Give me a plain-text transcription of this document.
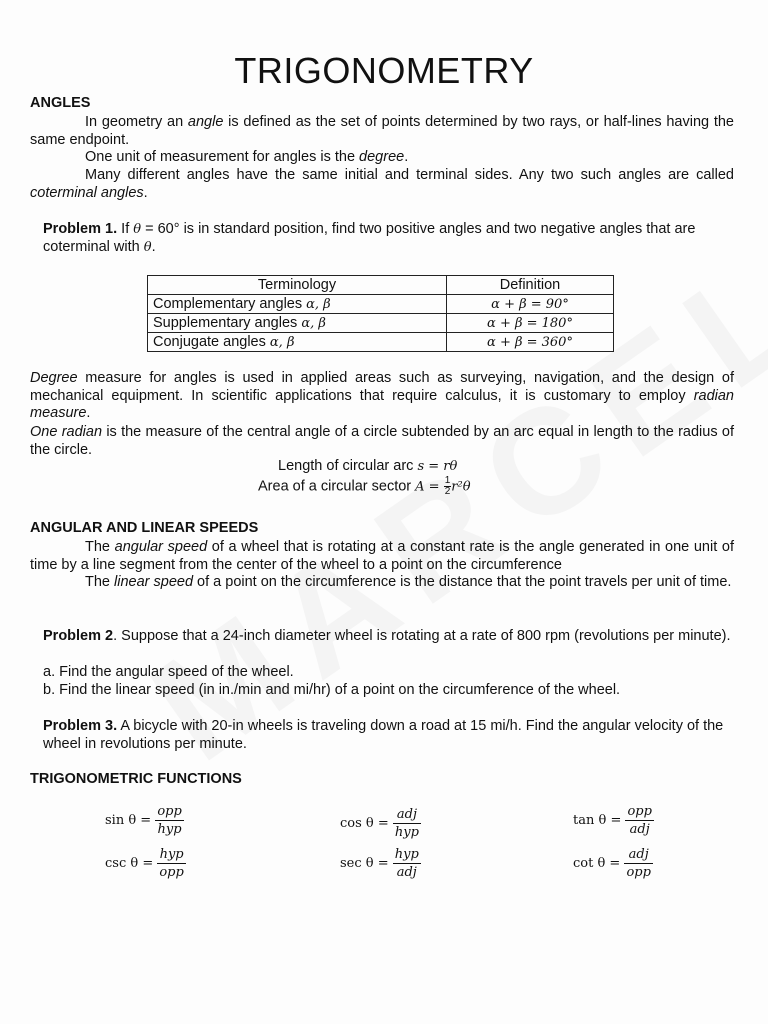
TRIGONOMETRY
ANGLES
In geometry an angle is defined as the set of points determined by two rays, or half-lines having the same endpoint.
One unit of measurement for angles is the degree.
Many different angles have the same initial and terminal sides. Any two such angles are called coterminal angles.
Problem 1. If θ = 60° is in standard position, find two positive angles and two negative angles that are coterminal with θ.
Terminology	Definition
Complementary angles α, β	α + β = 90°
Supplementary angles α, β	α + β = 180°
Conjugate angles α, β	α + β = 360°
Degree measure for angles is used in applied areas such as surveying, navigation, and the design of mechanical equipment. In scientific applications that require calculus, it is customary to employ radian measure.
One radian is the measure of the central angle of a circle subtended by an arc equal in length to the radius of the circle.
Length of circular arc s = rθ
Area of a circular sector $A = \frac{1}{2} r^2\theta$
ANGULAR AND LINEAR SPEEDS
The angular speed of a wheel that is rotating at a constant rate is the angle generated in one unit of time by a line segment from the center of the wheel to a point on the circumference
The linear speed of a point on the circumference is the distance that the point travels per unit of time.
Problem 2. Suppose that a 24-inch diameter wheel is rotating at a rate of 800 rpm (revolutions per minute).
a. Find the angular speed of the wheel.
b. Find the linear speed (in in./min and mi/hr) of a point on the circumference of the wheel.
Problem 3. A bicycle with 20-in wheels is traveling down a road at 15 mi/h. Find the angular velocity of the wheel in revolutions per minute.
TRIGONOMETRIC FUNCTIONS
$\sin \theta = \frac{\text{opp}}{\text{hyp}}$	$\cos \theta = \frac{\text{adj}}{\text{hyp}}$	$\tan \theta = \frac{\text{opp}}{\text{adj}}$
$\csc \theta = \frac{\text{hyp}}{\text{opp}}$	$\sec \theta = \frac{\text{hyp}}{\text{adj}}$	$\cot \theta = \frac{\text{adj}}{\text{opp}}$
